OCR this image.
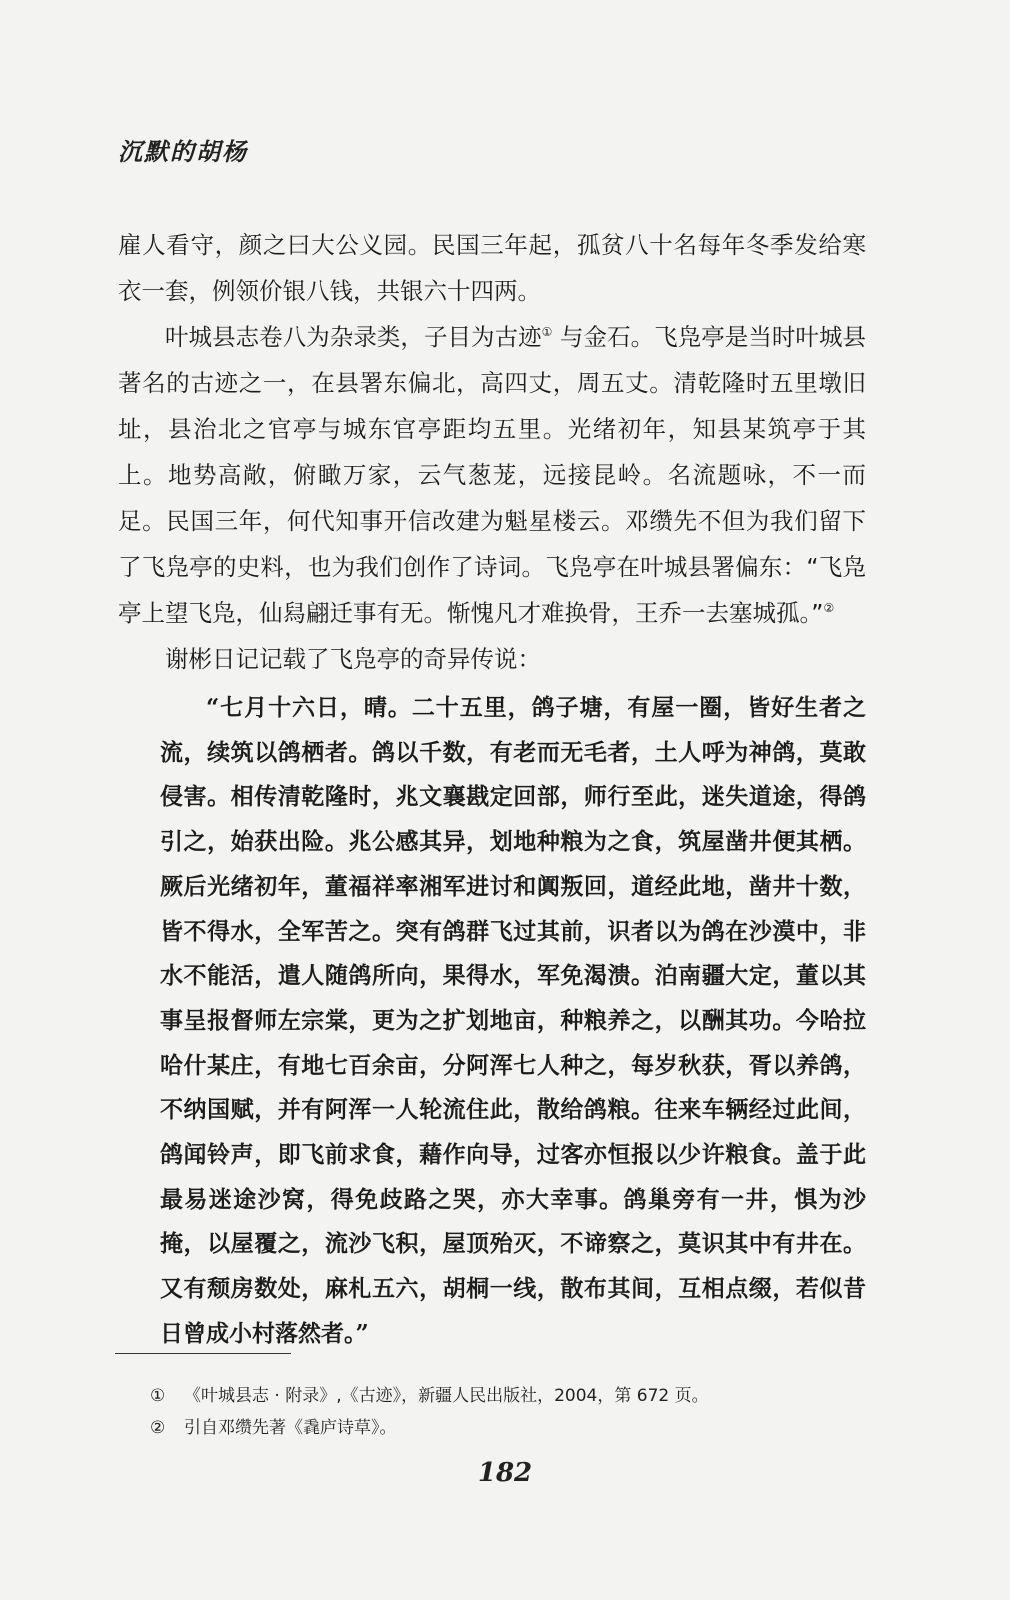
沉默的胡杨

雇人看守，颜之曰大公义园。民国三年起，孤贫八十名每年冬季发给寒衣一套，例领价银八钱，共银六十四两。

叶城县志卷八为杂录类，子目为古迹① 与金石。飞凫亭是当时叶城县著名的古迹之一，在县署东偏北，高四丈，周五丈。清乾隆时五里墩旧址，县治北之官亭与城东官亭距均五里。光绪初年，知县某筑亭于其上。地势高敞，俯瞰万家，云气葱茏，远接昆岭。名流题咏，不一而足。民国三年，何代知事开信改建为魁星楼云。邓缵先不但为我们留下了飞凫亭的史料，也为我们创作了诗词。飞凫亭在叶城县署偏东：“飞凫亭上望飞凫，仙舄翩迁事有无。惭愧凡才难换骨，王乔一去塞城孤。”②

谢彬日记记载了飞凫亭的奇异传说：

“七月十六日，晴。二十五里，鸽子塘，有屋一圈，皆好生者之流，续筑以鸽栖者。鸽以千数，有老而无毛者，土人呼为神鸽，莫敢侵害。相传清乾隆时，兆文襄戡定回部，师行至此，迷失道途，得鸽引之，始获出险。兆公感其异，划地种粮为之食，筑屋凿井便其栖。厥后光绪初年，董福祥率湘军进讨和阗叛回，道经此地，凿井十数，皆不得水，全军苦之。突有鸽群飞过其前，识者以为鸽在沙漠中，非水不能活，遣人随鸽所向，果得水，军免渴溃。泊南疆大定，董以其事呈报督师左宗棠，更为之扩划地亩，种粮养之，以酬其功。今哈拉哈什某庄，有地七百余亩，分阿浑七人种之，每岁秋获，胥以养鸽，不纳国赋，并有阿浑一人轮流住此，散给鸽粮。往来车辆经过此间，鸽闻铃声，即飞前求食，藉作向导，过客亦恒报以少许粮食。盖于此最易迷途沙窝，得免歧路之哭，亦大幸事。鸽巢旁有一井，惧为沙掩，以屋覆之，流沙飞积，屋顶殆灭，不谛察之，莫识其中有井在。又有颓房数处，麻札五六，胡桐一线，散布其间，互相点缀，若似昔日曾成小村落然者。”

① 《叶城县志 · 附录》,《古迹》，新疆人民出版社，2004，第 672 页。
② 引自邓缵先著《毳庐诗草》。
182
